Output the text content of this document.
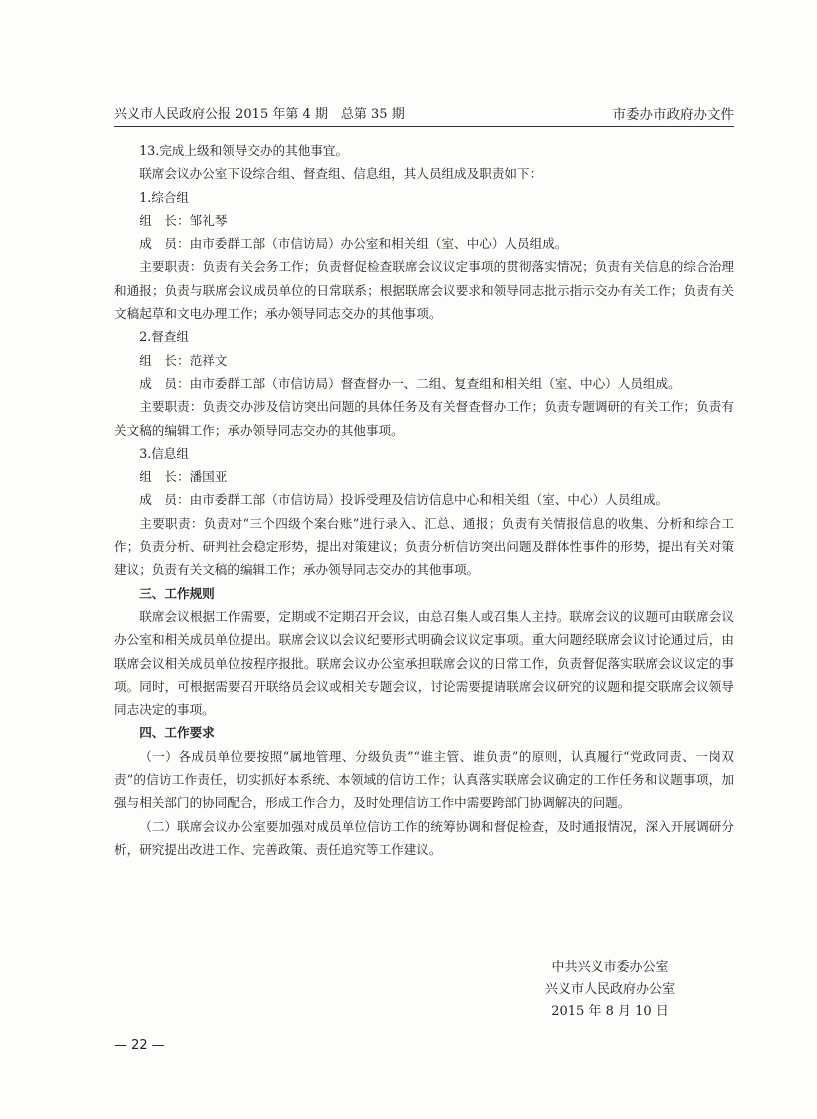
兴义市人民政府公报 2015 年第 4 期　总第 35 期	市委办市政府办文件

13.完成上级和领导交办的其他事宜。

联席会议办公室下设综合组、督查组、信息组，其人员组成及职责如下：

1.综合组

组　长：邹礼琴

成　员：由市委群工部（市信访局）办公室和相关组（室、中心）人员组成。

主要职责：负责有关会务工作；负责督促检查联席会议议定事项的贯彻落实情况；负责有关信息的综合治理和通报；负责与联席会议成员单位的日常联系；根据联席会议要求和领导同志批示指示交办有关工作；负责有关文稿起草和文电办理工作；承办领导同志交办的其他事项。

2.督查组

组　长：范祥文

成　员：由市委群工部（市信访局）督查督办一、二组、复查组和相关组（室、中心）人员组成。

主要职责：负责交办涉及信访突出问题的具体任务及有关督查督办工作；负责专题调研的有关工作；负责有关文稿的编辑工作；承办领导同志交办的其他事项。

3.信息组

组　长：潘国亚

成　员：由市委群工部（市信访局）投诉受理及信访信息中心和相关组（室、中心）人员组成。

主要职责：负责对“三个四级个案台账”进行录入、汇总、通报；负责有关情报信息的收集、分析和综合工作；负责分析、研判社会稳定形势，提出对策建议；负责分析信访突出问题及群体性事件的形势，提出有关对策建议；负责有关文稿的编辑工作；承办领导同志交办的其他事项。

三、工作规则

联席会议根据工作需要，定期或不定期召开会议，由总召集人或召集人主持。联席会议的议题可由联席会议办公室和相关成员单位提出。联席会议以会议纪要形式明确会议议定事项。重大问题经联席会议讨论通过后，由联席会议相关成员单位按程序报批。联席会议办公室承担联席会议的日常工作，负责督促落实联席会议议定的事项。同时，可根据需要召开联络员会议或相关专题会议，讨论需要提请联席会议研究的议题和提交联席会议领导同志决定的事项。

四、工作要求

（一）各成员单位要按照“属地管理、分级负责”“谁主管、谁负责”的原则，认真履行“党政同责、一岗双责”的信访工作责任，切实抓好本系统、本领域的信访工作；认真落实联席会议确定的工作任务和议题事项，加强与相关部门的协同配合，形成工作合力，及时处理信访工作中需要跨部门协调解决的问题。

（二）联席会议办公室要加强对成员单位信访工作的统筹协调和督促检查，及时通报情况，深入开展调研分析，研究提出改进工作、完善政策、责任追究等工作建议。

中共兴义市委办公室
兴义市人民政府办公室
2015 年 8 月 10 日
— 22 —
